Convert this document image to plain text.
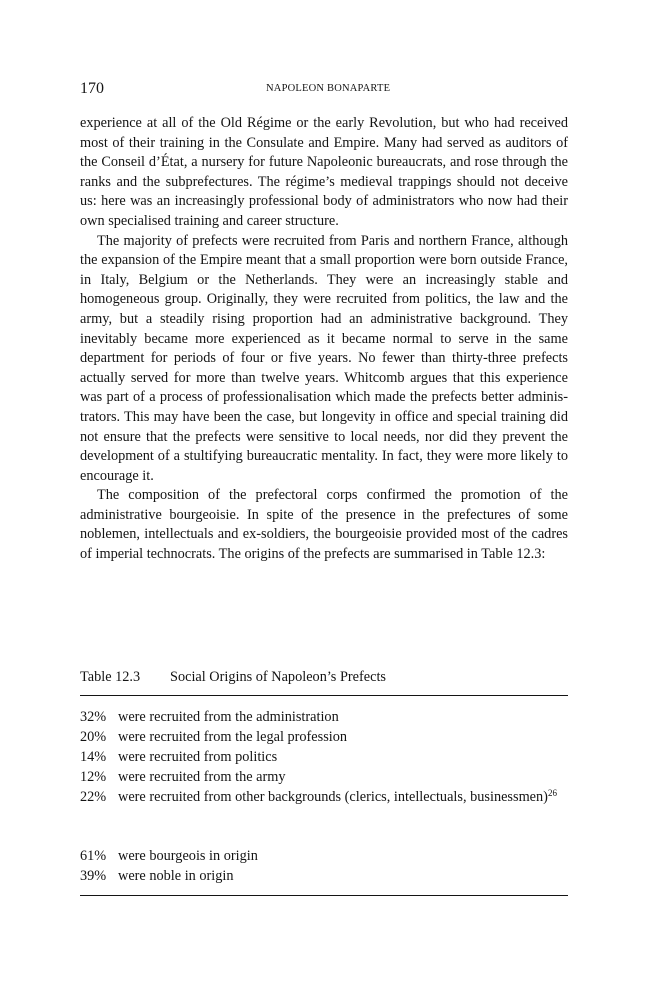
170	NAPOLEON BONAPARTE

experience at all of the Old Régime or the early Revolution, but who had received most of their training in the Consulate and Empire. Many had served as auditors of the Conseil d’État, a nursery for future Napoleonic bureaucrats, and rose through the ranks and the subprefectures. The régime’s medieval trappings should not deceive us: here was an increasingly professional body of administrators who now had their own specialised training and career structure.

The majority of prefects were recruited from Paris and northern France, although the expansion of the Empire meant that a small proportion were born outside France, in Italy, Belgium or the Netherlands. They were an increasingly stable and homogeneous group. Originally, they were recruited from politics, the law and the army, but a steadily rising proportion had an administrative background. They inevitably became more experienced as it became normal to serve in the same department for periods of four or five years. No fewer than thirty-three prefects actually served for more than twelve years. Whitcomb argues that this experience was part of a process of professionalisation which made the prefects better administrators. This may have been the case, but longevity in office and special training did not ensure that the prefects were sensitive to local needs, nor did they prevent the development of a stultifying bureaucratic mentality. In fact, they were more likely to encourage it.

The composition of the prefectoral corps confirmed the promotion of the administrative bourgeoisie. In spite of the presence in the prefectures of some noblemen, intellectuals and ex-soldiers, the bourgeoisie provided most of the cadres of imperial technocrats. The origins of the prefects are summarised in Table 12.3:

Table 12.3 Social Origins of Napoleon’s Prefects
32% were recruited from the administration
20% were recruited from the legal profession
14% were recruited from politics
12% were recruited from the army
22% were recruited from other backgrounds (clerics, intellectuals, businessmen)$^{26}$
61% were bourgeois in origin
39% were noble in origin
